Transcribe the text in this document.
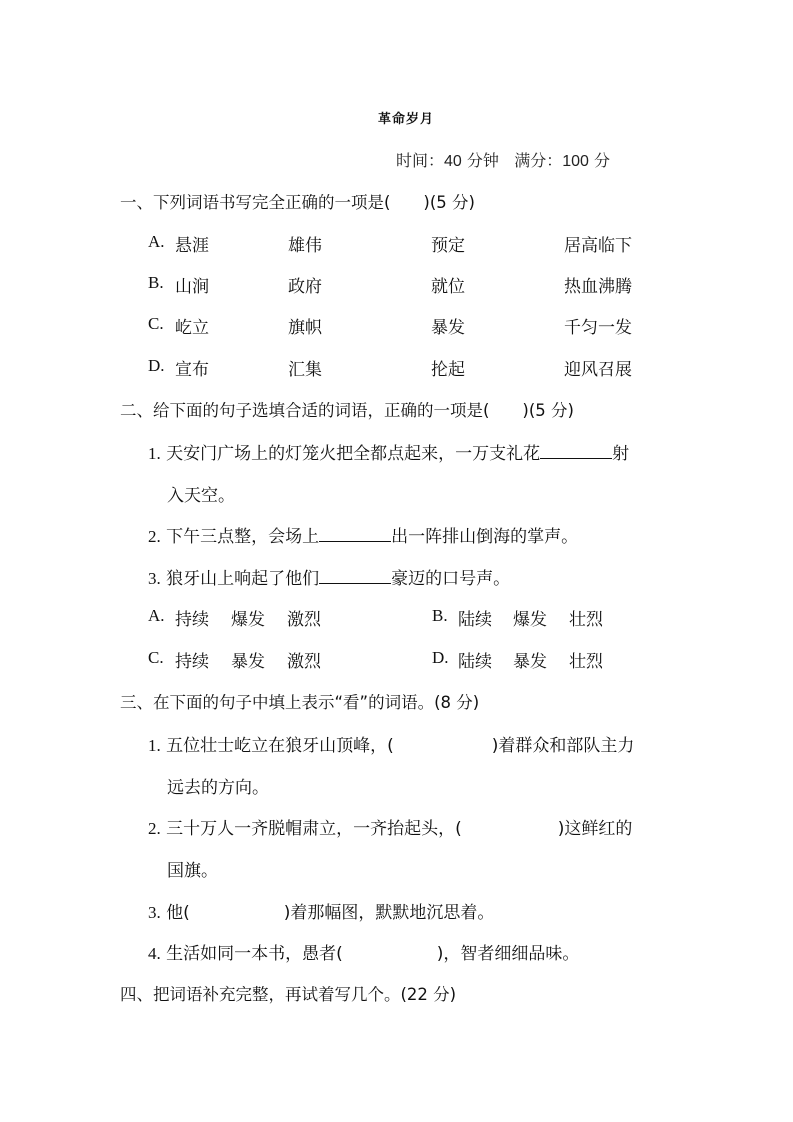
革命岁月
时间：40 分钟 满分：100 分
一、下列词语书写完全正确的一项是(　　)(5 分)
A. 悬涯	雄伟	预定	居高临下
B. 山涧	政府	就位	热血沸腾
C. 屹立	旗帜	暴发	千匀一发
D. 宣布	汇集	抡起	迎风召展
二、给下面的句子选填合适的词语，正确的一项是(　　)(5 分)
1. 天安门广场上的灯笼火把全都点起来，一万支礼花	射
入天空。
2. 下午三点整，会场上	出一阵排山倒海的掌声。
3. 狼牙山上响起了他们	豪迈的口号声。
A. 持续 爆发 激烈	B. 陆续 爆发 壮烈
C. 持续 暴发 激烈	D. 陆续 暴发 壮烈
三、在下面的句子中填上表示“看”的词语。(8 分)
1. 五位壮士屹立在狼牙山顶峰，(	)着群众和部队主力
远去的方向。
2. 三十万人一齐脱帽肃立，一齐抬起头，(	)这鲜红的
国旗。
3. 他(	)着那幅图，默默地沉思着。
4. 生活如同一本书，愚者(	)，智者细细品味。
四、把词语补充完整，再试着写几个。(22 分)
